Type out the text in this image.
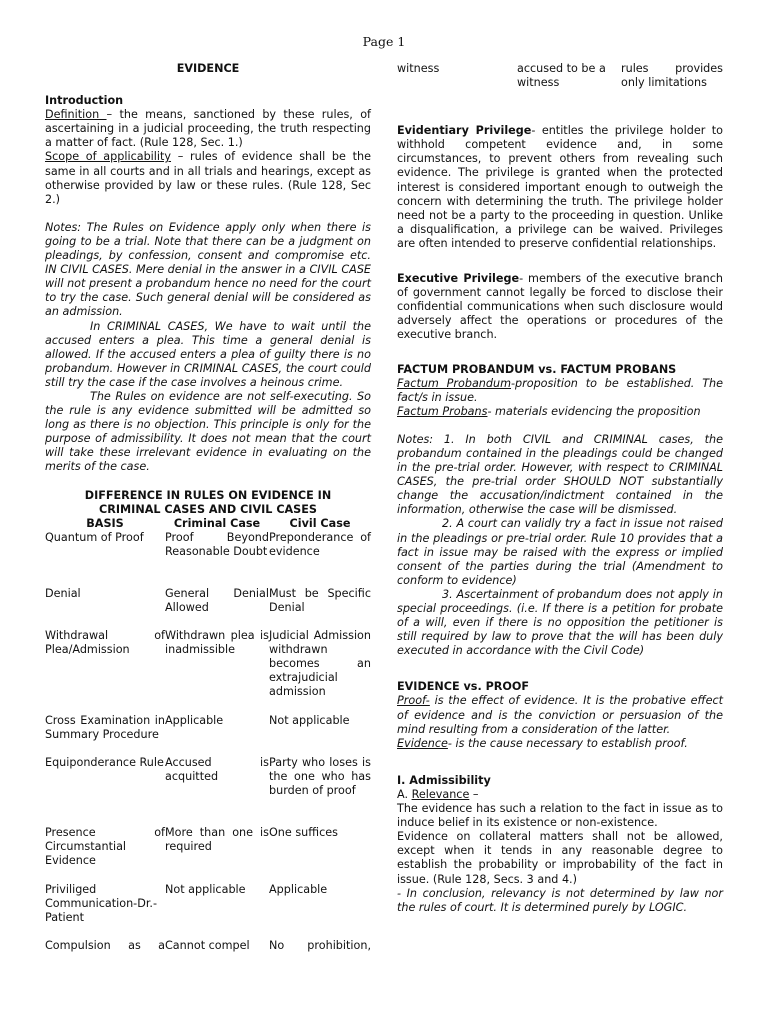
Page 1

EVIDENCE

Introduction

Definition – the means, sanctioned by these rules, of ascertaining in a judicial proceeding, the truth respecting a matter of fact. (Rule 128, Sec. 1.)

Scope of applicability – rules of evidence shall be the same in all courts and in all trials and hearings, except as otherwise provided by law or these rules. (Rule 128, Sec 2.)

Notes: The Rules on Evidence apply only when there is going to be a trial. Note that there can be a judgment on pleadings, by confession, consent and compromise etc. IN CIVIL CASES. Mere denial in the answer in a CIVIL CASE will not present a probandum hence no need for the court to try the case. Such general denial will be considered as an admission.

In CRIMINAL CASES, We have to wait until the accused enters a plea. This time a general denial is allowed. If the accused enters a plea of guilty there is no probandum. However in CRIMINAL CASES, the court could still try the case if the case involves a heinous crime.

The Rules on evidence are not self-executing. So the rule is any evidence submitted will be admitted so long as there is no objection. This principle is only for the purpose of admissibility. It does not mean that the court will take these irrelevant evidence in evaluating on the merits of the case.

DIFFERENCE IN RULES ON EVIDENCE IN

CRIMINAL CASES AND CIVIL CASES

BASIS	Criminal Case	Civil Case
Quantum of Proof	Proof Beyond Reasonable Doubt	Preponderance of evidence
Denial	General Denial Allowed	Must be Specific Denial
Withdrawal of Plea/Admission	Withdrawn plea is inadmissible	Judicial Admission withdrawn becomes an extrajudicial admission
Cross Examination in Summary Procedure	Applicable	Not applicable
Equiponderance Rule	Accused is acquitted	Party who loses is the one who has burden of proof
Presence of Circumstantial Evidence	More than one is required	One suffices
Priviliged Communication-Dr.-Patient	Not applicable	Applicable
Compulsion as a	Cannot compel	No prohibition,
witness	accused to be a witness	rules provides only limitations

Evidentiary Privilege- entitles the privilege holder to withhold competent evidence and, in some circumstances, to prevent others from revealing such evidence. The privilege is granted when the protected interest is considered important enough to outweigh the concern with determining the truth. The privilege holder need not be a party to the proceeding in question. Unlike a disqualification, a privilege can be waived. Privileges are often intended to preserve confidential relationships.

Executive Privilege- members of the executive branch of government cannot legally be forced to disclose their confidential communications when such disclosure would adversely affect the operations or procedures of the executive branch.

FACTUM PROBANDUM vs. FACTUM PROBANS

Factum Probandum-proposition to be established. The fact/s in issue.

Factum Probans- materials evidencing the proposition

Notes: 1. In both CIVIL and CRIMINAL cases, the probandum contained in the pleadings could be changed in the pre-trial order. However, with respect to CRIMINAL CASES, the pre-trial order SHOULD NOT substantially change the accusation/indictment contained in the information, otherwise the case will be dismissed.

2. A court can validly try a fact in issue not raised in the pleadings or pre-trial order. Rule 10 provides that a fact in issue may be raised with the express or implied consent of the parties during the trial (Amendment to conform to evidence)

3. Ascertainment of probandum does not apply in special proceedings. (i.e. If there is a petition for probate of a will, even if there is no opposition the petitioner is still required by law to prove that the will has been duly executed in accordance with the Civil Code)

EVIDENCE vs. PROOF

Proof- is the effect of evidence. It is the probative effect of evidence and is the conviction or persuasion of the mind resulting from a consideration of the latter.

Evidence- is the cause necessary to establish proof.

I. Admissibility

A. Relevance –

The evidence has such a relation to the fact in issue as to induce belief in its existence or non-existence.

Evidence on collateral matters shall not be allowed, except when it tends in any reasonable degree to establish the probability or improbability of the fact in issue. (Rule 128, Secs. 3 and 4.)

- In conclusion, relevancy is not determined by law nor the rules of court. It is determined purely by LOGIC.
